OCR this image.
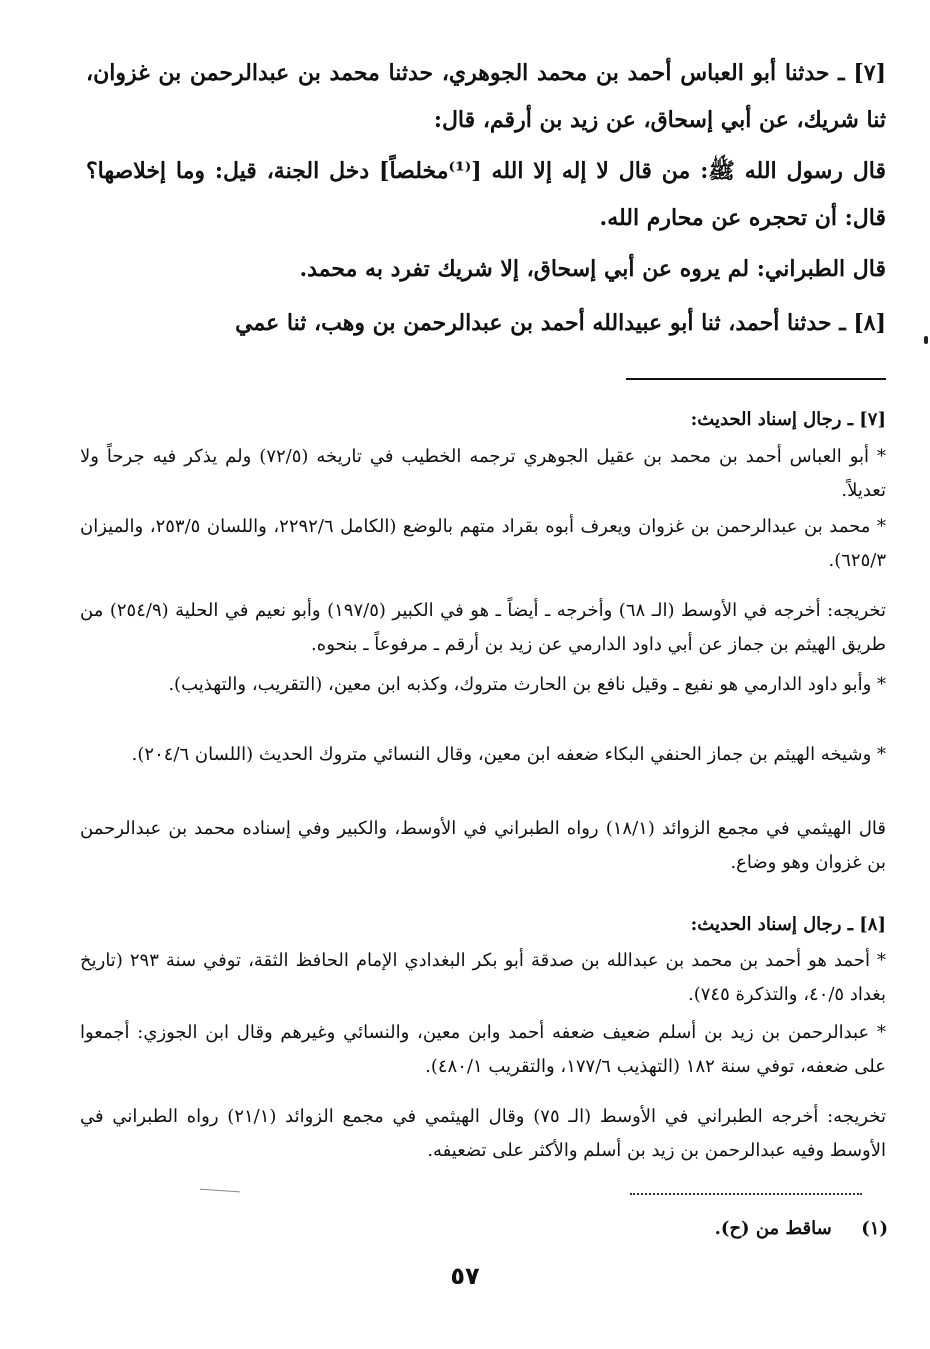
[٧] ـ حدثنا أبو العباس أحمد بن محمد الجوهري، حدثنا محمد بن عبدالرحمن بن غزوان، ثنا شريك، عن أبي إسحاق، عن زيد بن أرقم، قال:
قال رسول الله ﷺ: من قال لا إله إلا الله [⁽¹⁾مخلصاً] دخل الجنة، قيل: وما إخلاصها؟ قال: أن تحجره عن محارم الله.
قال الطبراني: لم يروه عن أبي إسحاق، إلا شريك تفرد به محمد.
[٨] ـ حدثنا أحمد، ثنا أبو عبيدالله أحمد بن عبدالرحمن بن وهب، ثنا عمي
[٧] ـ رجال إسناد الحديث:
* أبو العباس أحمد بن محمد بن عقيل الجوهري ترجمه الخطيب في تاريخه (٧٢/٥) ولم يذكر فيه جرحاً ولا تعديلاً.
* محمد بن عبدالرحمن بن غزوان ويعرف أبوه بقراد متهم بالوضع (الكامل ٢٢٩٢/٦، واللسان ٢٥٣/٥، والميزان ٦٢٥/٣).
تخريجه: أخرجه في الأوسط (الـ ٦٨) وأخرجه ـ أيضاً ـ هو في الكبير (١٩٧/٥) وأبو نعيم في الحلية (٢٥٤/٩) من طريق الهيثم بن جماز عن أبي داود الدارمي عن زيد بن أرقم ـ مرفوعاً ـ بنحوه.
* وأبو داود الدارمي هو نفيع ـ وقيل نافع بن الحارث متروك، وكذبه ابن معين، (التقريب، والتهذيب).
* وشيخه الهيثم بن جماز الحنفي البكاء ضعفه ابن معين، وقال النسائي متروك الحديث (اللسان ٢٠٤/٦).
قال الهيثمي في مجمع الزوائد (١٨/١) رواه الطبراني في الأوسط، والكبير وفي إسناده محمد بن عبدالرحمن بن غزوان وهو وضاع.
[٨] ـ رجال إسناد الحديث:
* أحمد هو أحمد بن محمد بن عبدالله بن صدقة أبو بكر البغدادي الإمام الحافظ الثقة، توفي سنة ٢٩٣ (تاريخ بغداد ٤٠/٥، والتذكرة ٧٤٥).
* عبدالرحمن بن زيد بن أسلم ضعيف ضعفه أحمد وابن معين، والنسائي وغيرهم وقال ابن الجوزي: أجمعوا على ضعفه، توفي سنة ١٨٢ (التهذيب ١٧٧/٦، والتقريب ٤٨٠/١).
تخريجه: أخرجه الطبراني في الأوسط (الـ ٧٥) وقال الهيثمي في مجمع الزوائد (٢١/١) رواه الطبراني في الأوسط وفيه عبدالرحمن بن زيد بن أسلم والأكثر على تضعيفه.
(١) ساقط من (ح).
٥٧
